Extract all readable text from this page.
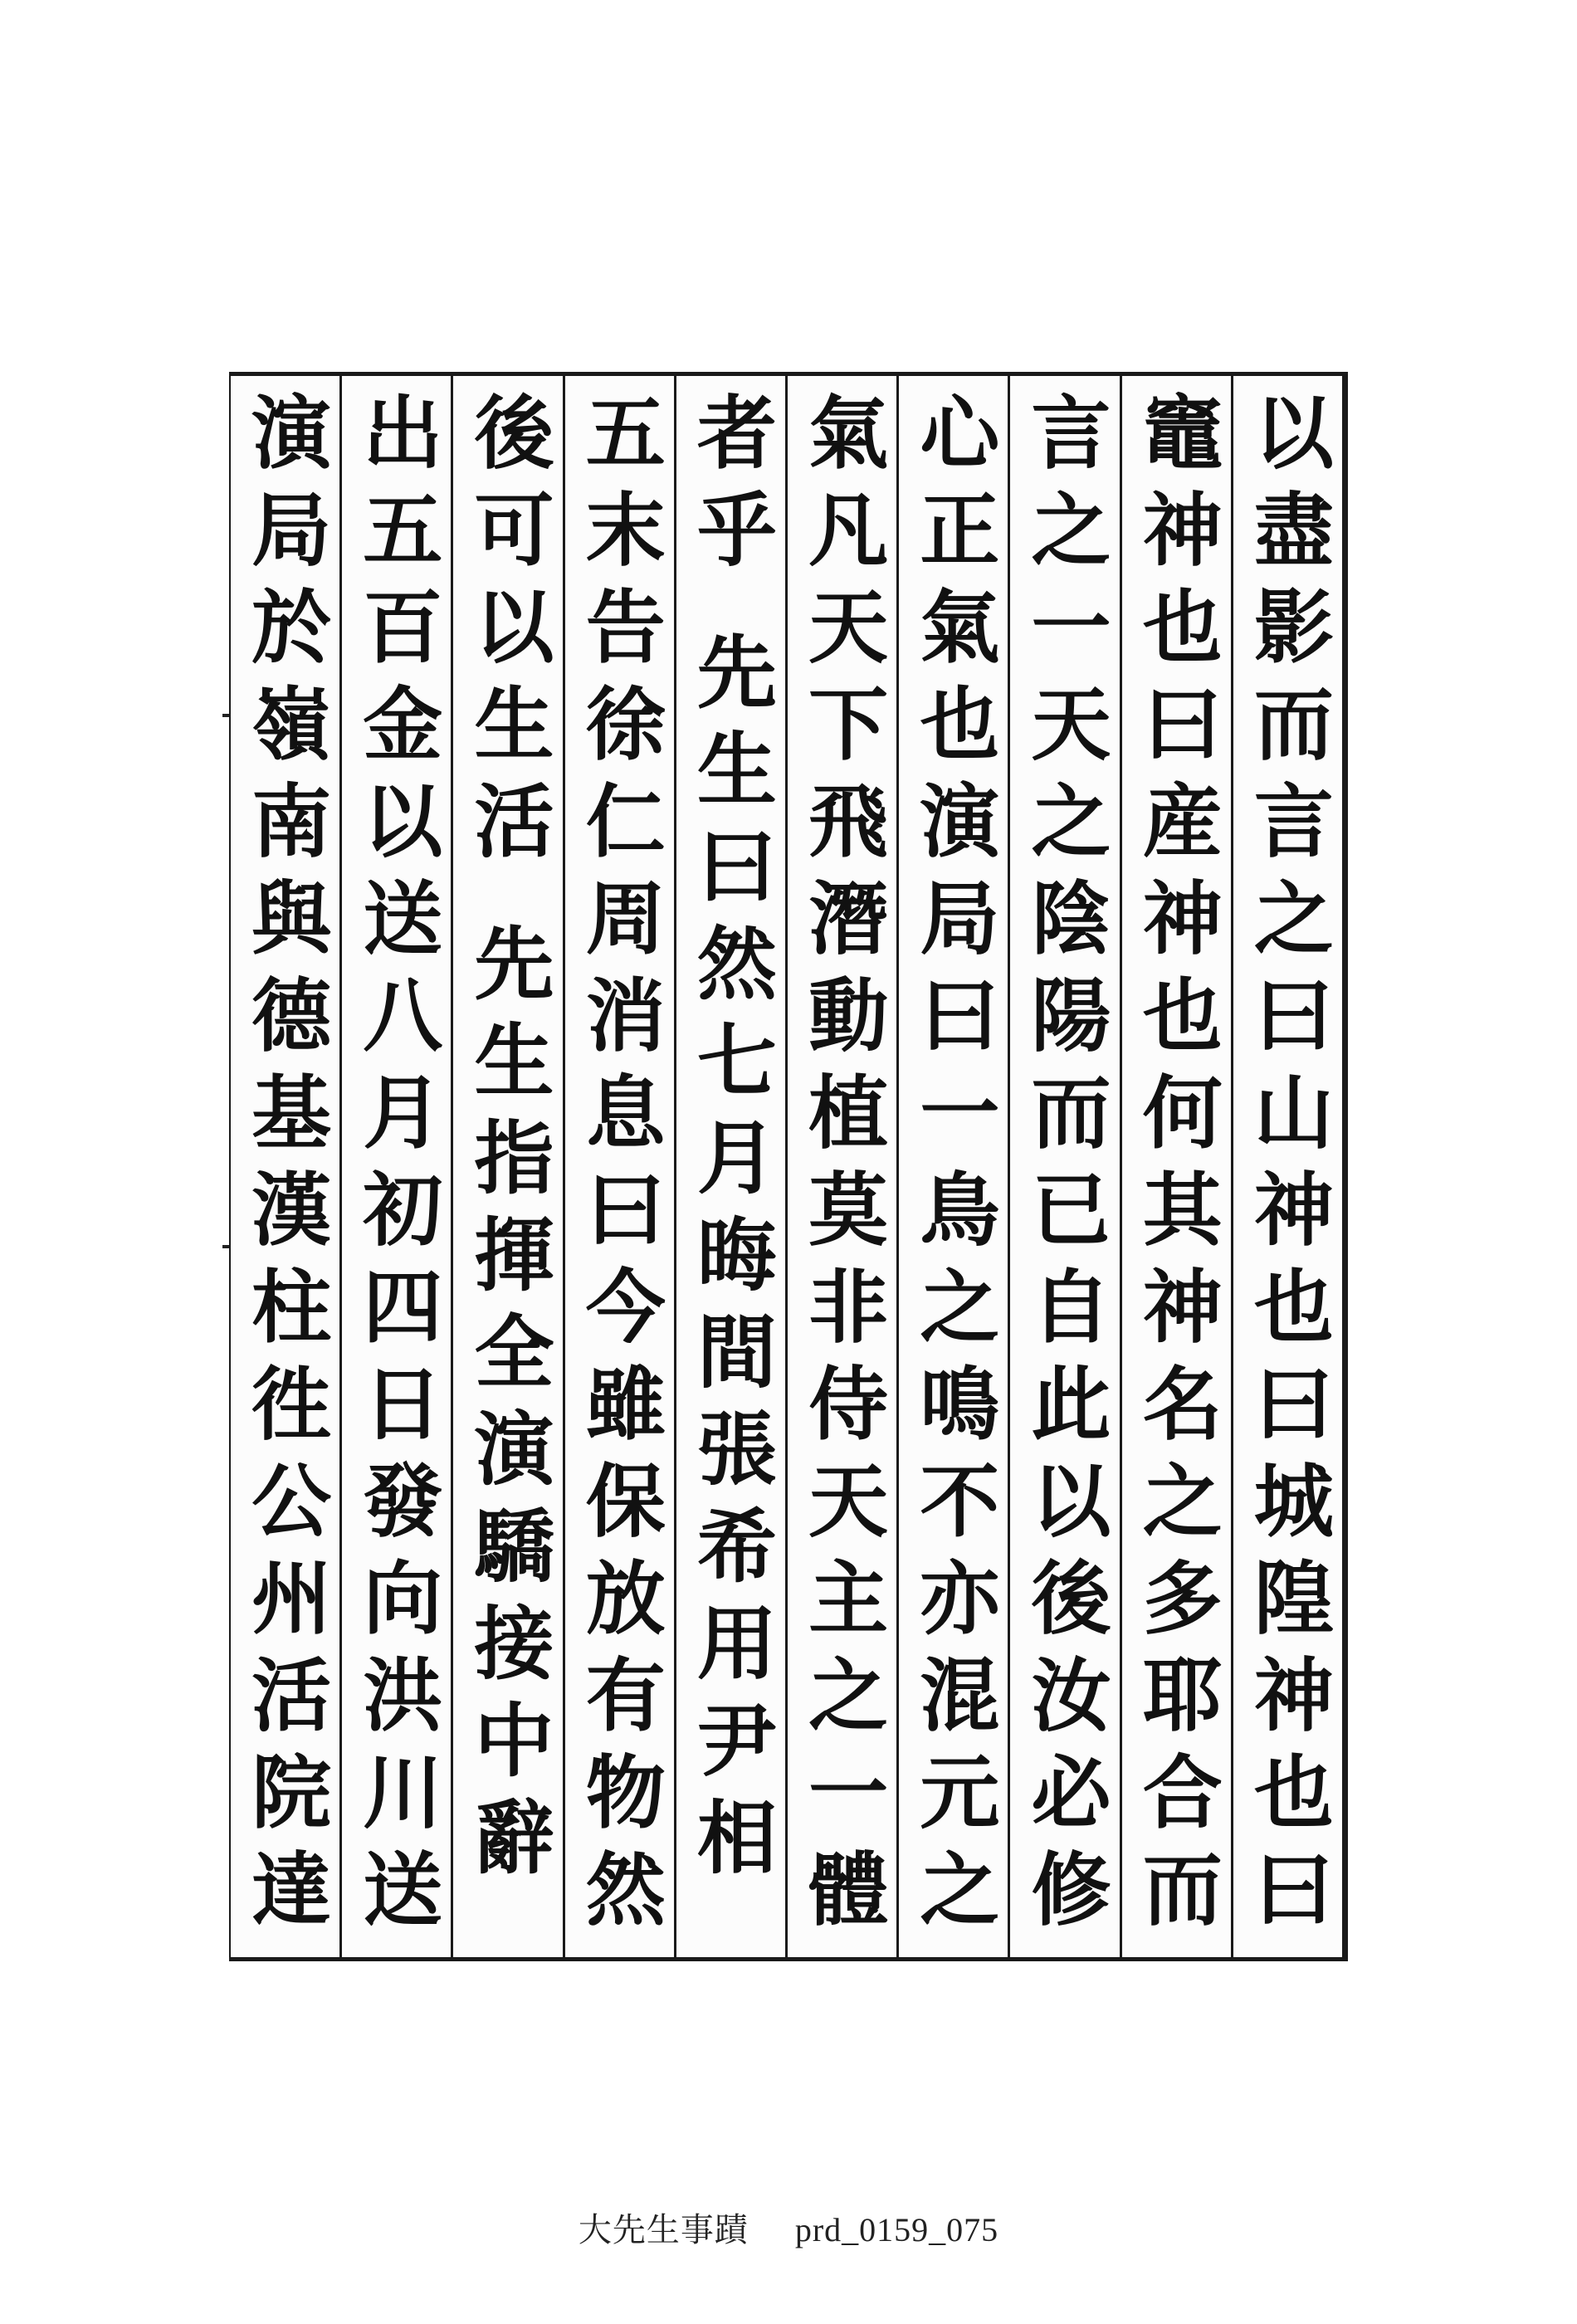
演局於嶺南與德基漢柱徃公州活院達 出五百金以送八月初四日發向洪川送 後可以生活 先生指揮全演驕接中辭 五末告徐仁周消息曰今雖保放有物然 者乎 先生曰然七月晦間張希用尹相 氣凡天下飛潛動植莫非侍天主之一體 心正氣也演局曰一鳥之鳴不亦混元之 言之一天之陰陽而已自此以後汝必修 竈神也曰産神也何其神名之多耶合而 以盡影而言之曰山神也曰城隍神也曰
大先生事蹟 prd_0159_075
